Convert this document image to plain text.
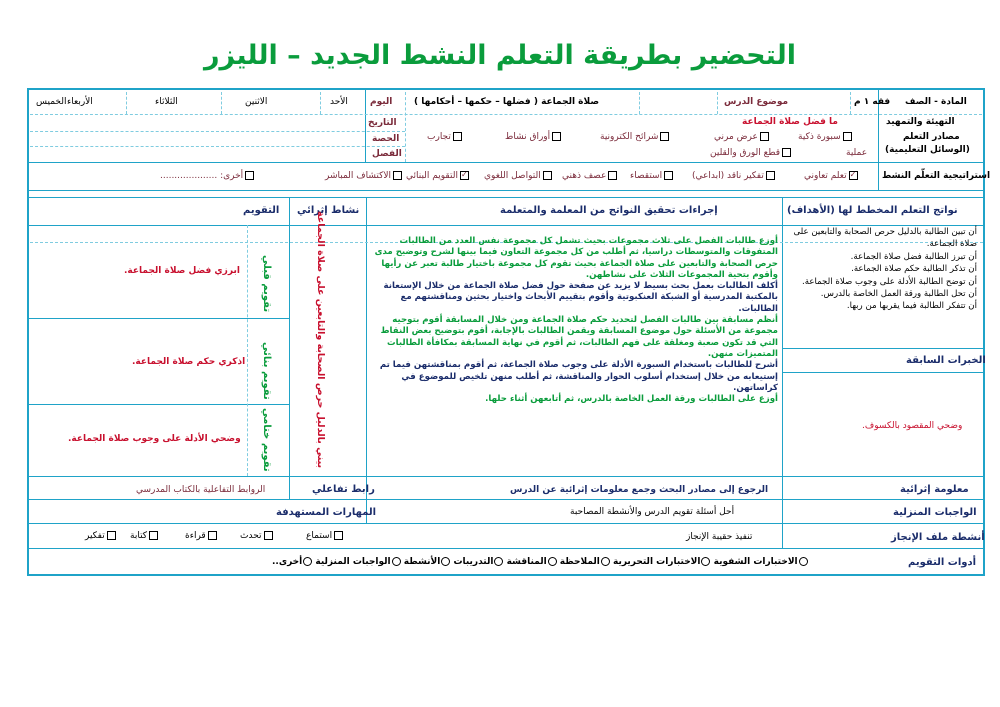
التحضير بطريقة التعلم النشط الجديد – الليزر
المادة - الصف
فقه ١ م
موضوع الدرس
صلاة الجماعة ( فضلها – حكمها – أحكامها )
اليوم
الأحد
الاثنين
الثلاثاء
الأربعاء
الخميس
التهيئة والتمهيد
ما فضل صلاة الجماعة
التاريخ
مصادر التعلم
(الوسائل التعليمية)
الحصة
الفصل
سبورة ذكية
عرض مرني
شرائح الكترونية
أوراق نشاط
تجارب
عملية
قطع الورق والقلين
استراتيجية التعلّم النشط
✓تعلم تعاوني
تفكير ناقد (ابداعي)
استقصاء
عصف ذهني
التواصل اللغوي
✓التقويم البنائي
الاكتشاف المباشر
أخرى: ....................
نواتج التعلم المخطط لها (الأهداف)
إجراءات تحقيق النواتج من المعلمة والمتعلمة
نشاط إثرائي
التقويم
أن تبين الطالبة بالدليل حرص الصحابة والتابعين على صلاة الجماعة.
أن تبرز الطالبة فضل صلاة الجماعة.
أن تذكر الطالبة حكم صلاة الجماعة.
أن توضح الطالبة الأدلة على وجوب صلاة الجماعة.
أن تحل الطالبة ورقة العمل الخاصة بالدرس.
أن تتفكر الطالبة فيما يقربها من ربها.
أوزع طالبات الفصل على ثلاث مجموعات بحيث تشمل كل مجموعة نفس العدد من الطالبات المتفوقات والمتوسطات دراسيا، ثم أطلب من كل مجموعة التعاون فيما بينها لشرح وتوضيح مدى حرص الصحابة والتابعين على صلاة الجماعة بحيث تقوم كل مجموعة باختيار طالبة تعبر عن رأيها وأقوم بتحية المجموعات الثلاث على نشاطهن.
أكلف الطالبات بعمل بحث بسيط لا يزيد عن صفحة حول فضل صلاة الجماعة من خلال الإستعانة بالمكتبة المدرسية أو الشبكة العنكبوتية وأقوم بتقييم الأبحاث واختيار بحثين ومناقشتهم مع الطالبات.
أنظم مسابقة بين طالبات الفصل لتحديد حكم صلاة الجماعة ومن خلال المسابقة أقوم بتوجيه مجموعة من الأسئلة حول موضوع المسابقة ويقمن الطالبات بالإجابة، أقوم بتوضيح بعض النقاط التي قد تكون صعبة ومغلقة على فهم الطالبات، ثم أقوم في نهاية المسابقة بمكافأة الطالبات المتميزات منهن.
أشرح للطالبات باستخدام السبورة الأدلة على وجوب صلاة الجماعة، ثم أقوم بمناقشتهن فيما تم إستيعابه من خلال إستخدام أسلوب الحوار والمناقشة، ثم أطلب منهن تلخيص للموضوع في كراساتهن.
أوزع على الطالبات ورقة العمل الخاصة بالدرس، ثم أتابعهن أثناء حلها.
بيني بالدليل حرص الصحابة والتابعين على صلاة الجماعة
تقويم قبلي
تقويم بنائي
تقويم ختامي
ابرزي فضل صلاة الجماعة.
اذكري حكم صلاة الجماعة.
وضحي الأدلة على وجوب صلاة الجماعة.
الخبرات السابقة
وضحي المقصود بالكسوف.
معلومة إثرائية
الرجوع إلى مصادر البحث وجمع معلومات إثرائية عن الدرس
رابط تفاعلي
الروابط التفاعلية بالكتاب المدرسي
الواجبات المنزلية
أحل أسئلة تقويم الدرس والأنشطة المصاحبة
المهارات المستهدفة
أنشطة ملف الإنجاز
تنفيذ حقيبة الإنجاز
استماع
تحدث
قراءة
كتابة
تفكير
أدوات التقويم
الاختبارات الشفوية الاختبارات التحريرية الملاحظة المناقشة التدريبات الأنشطة الواجبات المنزلية أخرى..
